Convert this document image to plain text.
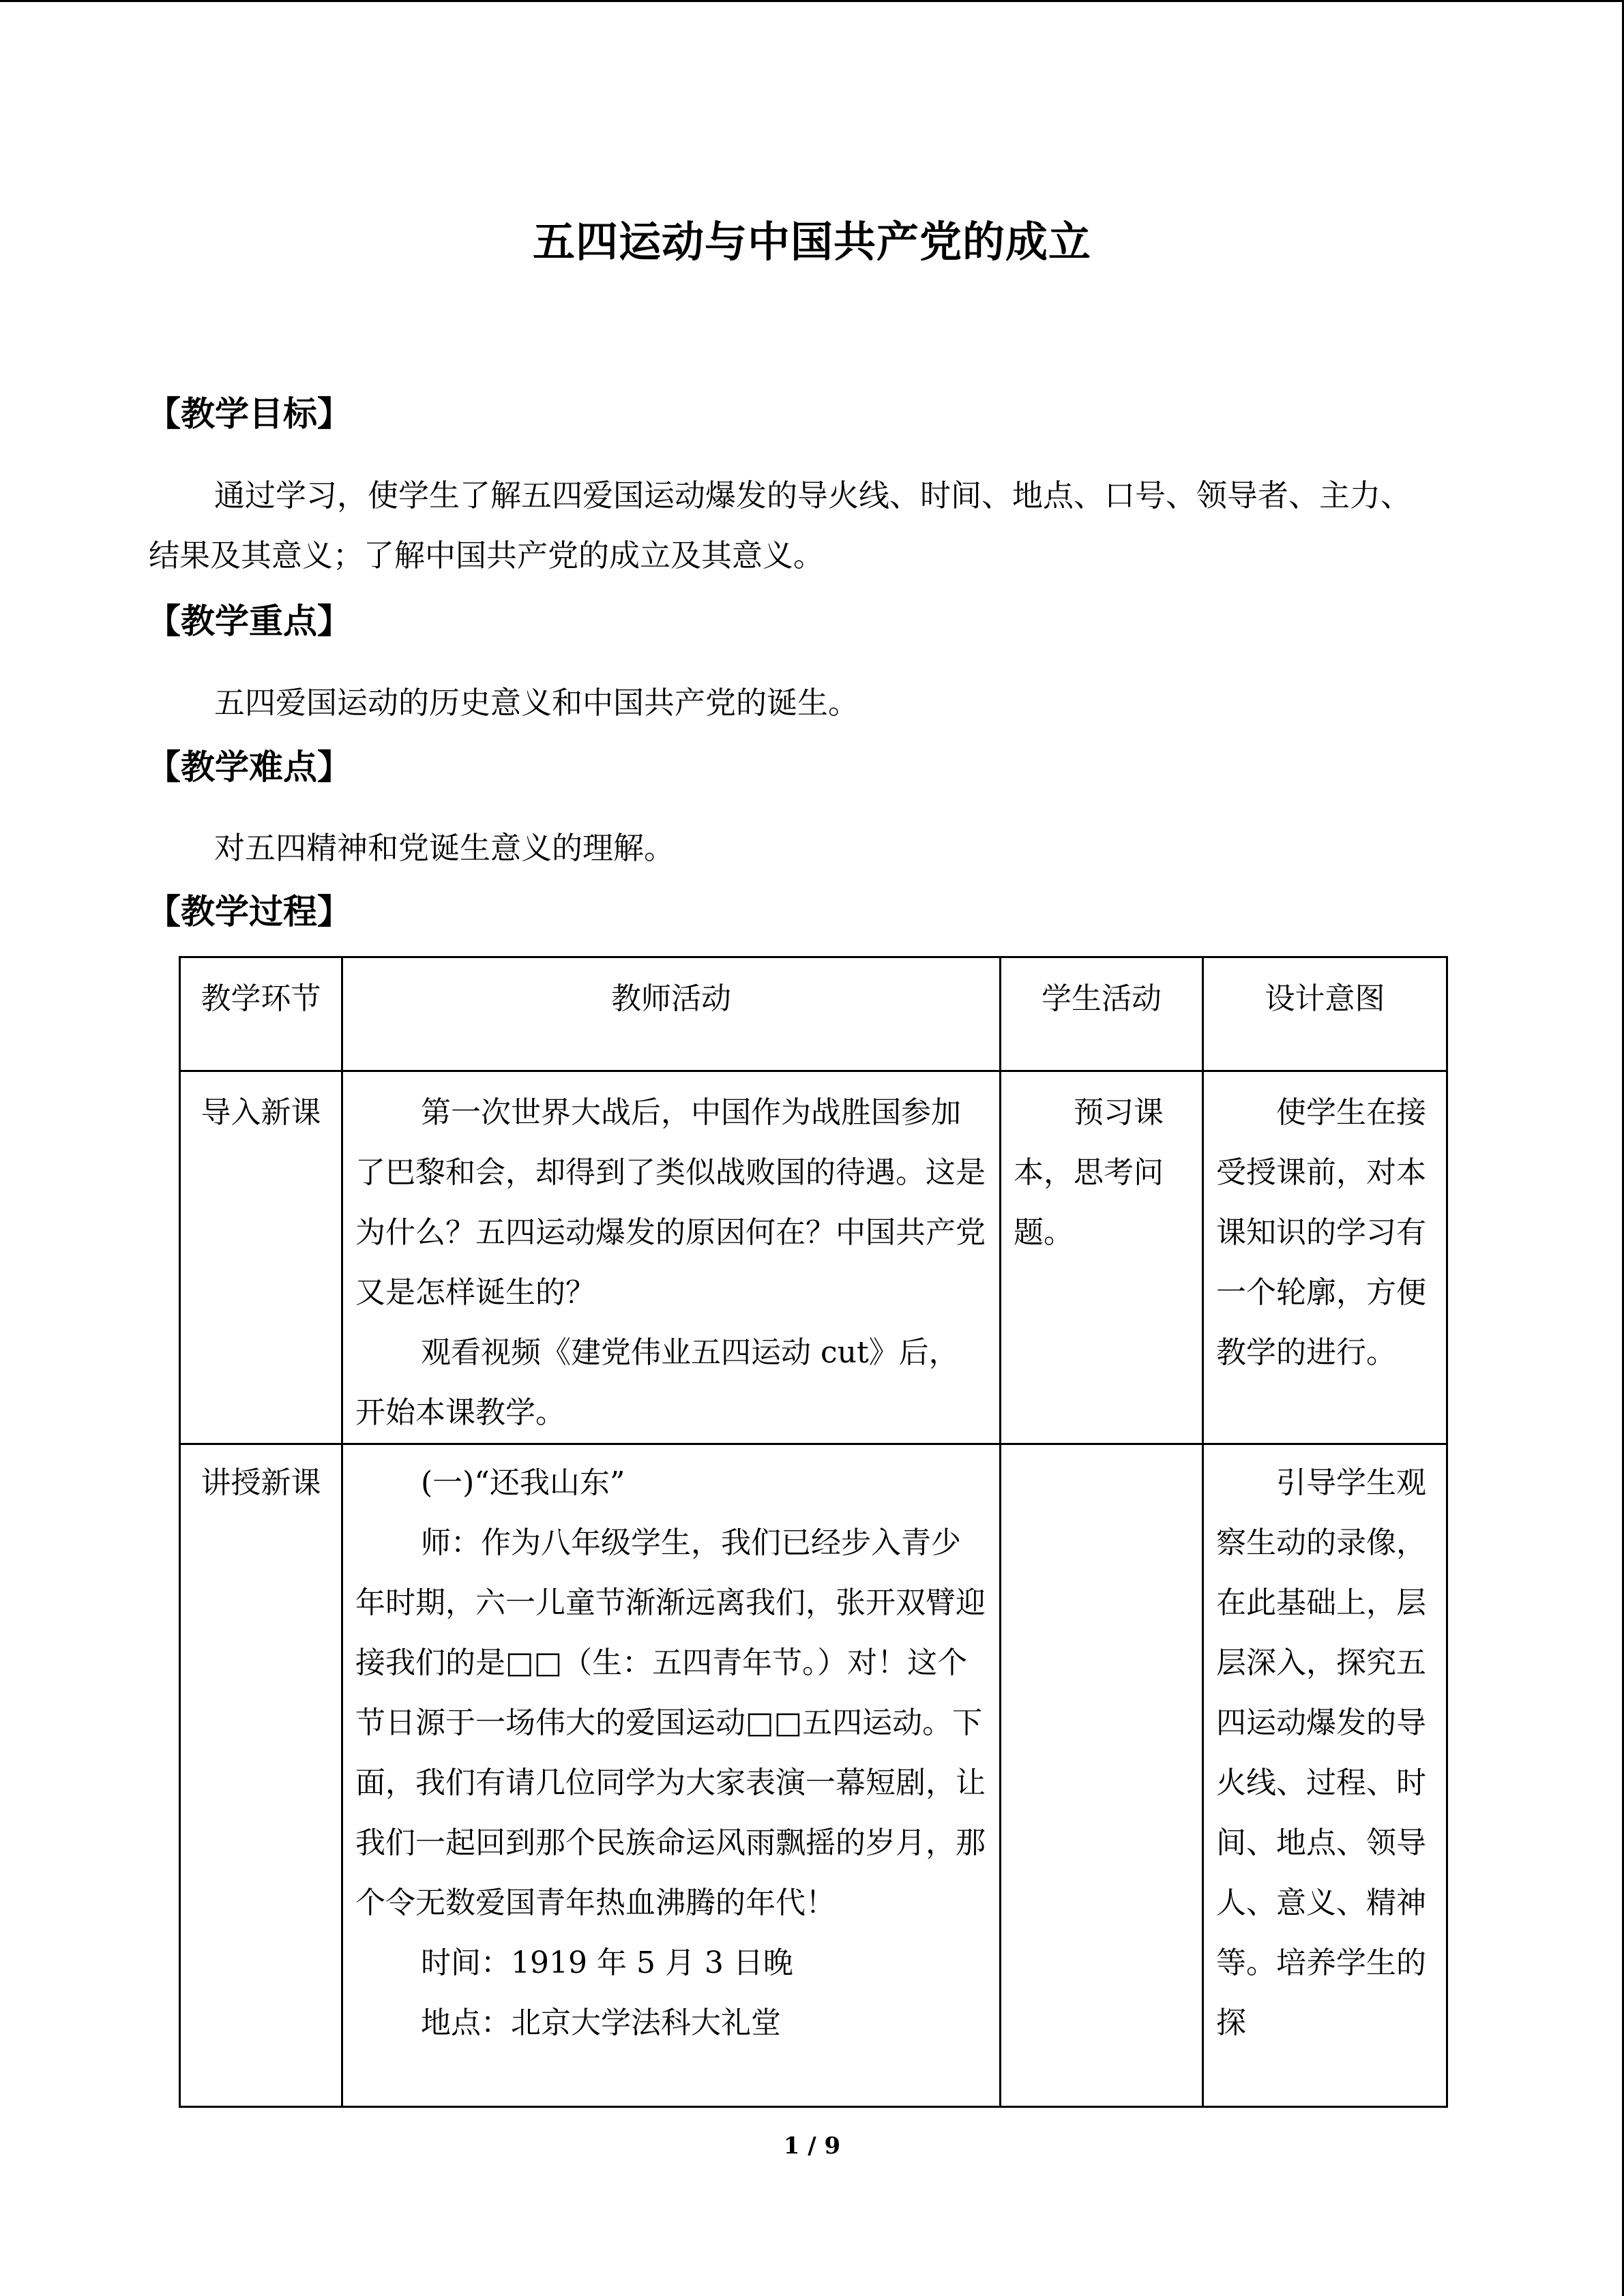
五四运动与中国共产党的成立
【教学目标】

通过学习，使学生了解五四爱国运动爆发的导火线、时间、地点、口号、领导者、主力、结果及其意义；了解中国共产党的成立及其意义。

【教学重点】

五四爱国运动的历史意义和中国共产党的诞生。

【教学难点】

对五四精神和党诞生意义的理解。

【教学过程】
教学环节	教师活动	学生活动	设计意图
导入新课	第一次世界大战后，中国作为战胜国参加了巴黎和会，却得到了类似战败国的待遇。这是为什么？五四运动爆发的原因何在？中国共产党又是怎样诞生的？

观看视频《建党伟业五四运动 cut》后，开始本课教学。	预习课本，思考问题。	使学生在接受授课前，对本课知识的学习有一个轮廓，方便教学的进行。

讲授新课	(一)“还我山东”

师：作为八年级学生，我们已经步入青少年时期，六一儿童节渐渐远离我们，张开双臂迎接我们的是□□（生：五四青年节。）对！这个节日源于一场伟大的爱国运动□□五四运动。下面，我们有请几位同学为大家表演一幕短剧，让我们一起回到那个民族命运风雨飘摇的岁月，那个令无数爱国青年热血沸腾的年代！

时间：1919 年 5 月 3 日晚

地点：北京大学法科大礼堂		引导学生观察生动的录像，在此基础上，层层深入，探究五四运动爆发的导火线、过程、时间、地点、领导人、意义、精神等。培养学生的探

1 / 9
